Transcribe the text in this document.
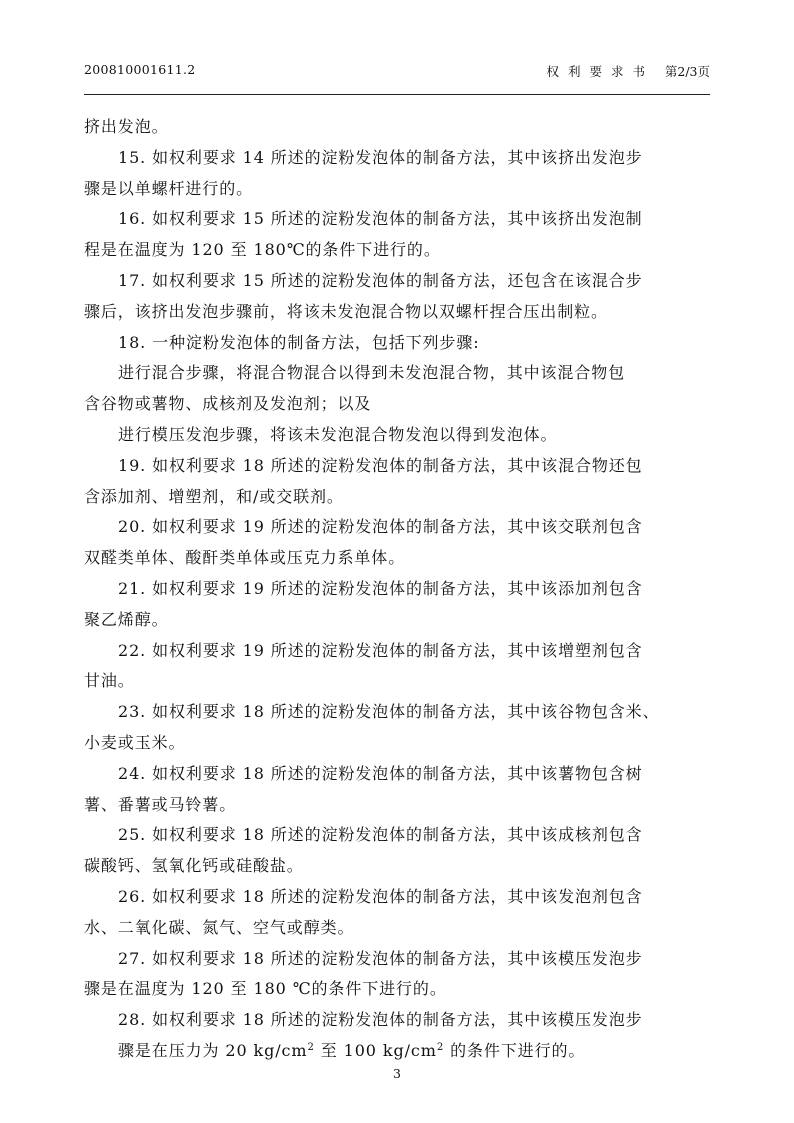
200810001611.2	权利要求书 第2/3页
挤出发泡。
15. 如权利要求 14 所述的淀粉发泡体的制备方法，其中该挤出发泡步
骤是以单螺杆进行的。
16. 如权利要求 15 所述的淀粉发泡体的制备方法，其中该挤出发泡制
程是在温度为 120 至 180℃的条件下进行的。
17. 如权利要求 15 所述的淀粉发泡体的制备方法，还包含在该混合步
骤后，该挤出发泡步骤前，将该未发泡混合物以双螺杆捏合压出制粒。
18. 一种淀粉发泡体的制备方法，包括下列步骤:
进行混合步骤，将混合物混合以得到未发泡混合物，其中该混合物包
含谷物或薯物、成核剂及发泡剂；以及
进行模压发泡步骤，将该未发泡混合物发泡以得到发泡体。
19. 如权利要求 18 所述的淀粉发泡体的制备方法，其中该混合物还包
含添加剂、增塑剂，和/或交联剂。
20. 如权利要求 19 所述的淀粉发泡体的制备方法，其中该交联剂包含
双醛类单体、酸酐类单体或压克力系单体。
21. 如权利要求 19 所述的淀粉发泡体的制备方法，其中该添加剂包含
聚乙烯醇。
22. 如权利要求 19 所述的淀粉发泡体的制备方法，其中该增塑剂包含
甘油。
23. 如权利要求 18 所述的淀粉发泡体的制备方法，其中该谷物包含米、
小麦或玉米。
24. 如权利要求 18 所述的淀粉发泡体的制备方法，其中该薯物包含树
薯、番薯或马铃薯。
25. 如权利要求 18 所述的淀粉发泡体的制备方法，其中该成核剂包含
碳酸钙、氢氧化钙或硅酸盐。
26. 如权利要求 18 所述的淀粉发泡体的制备方法，其中该发泡剂包含
水、二氧化碳、氮气、空气或醇类。
27. 如权利要求 18 所述的淀粉发泡体的制备方法，其中该模压发泡步
骤是在温度为 120 至 180 ℃的条件下进行的。
28. 如权利要求 18 所述的淀粉发泡体的制备方法，其中该模压发泡步
骤是在压力为 20 $kg/cm^2$ 至 100 $kg/cm^2$ 的条件下进行的。
3
